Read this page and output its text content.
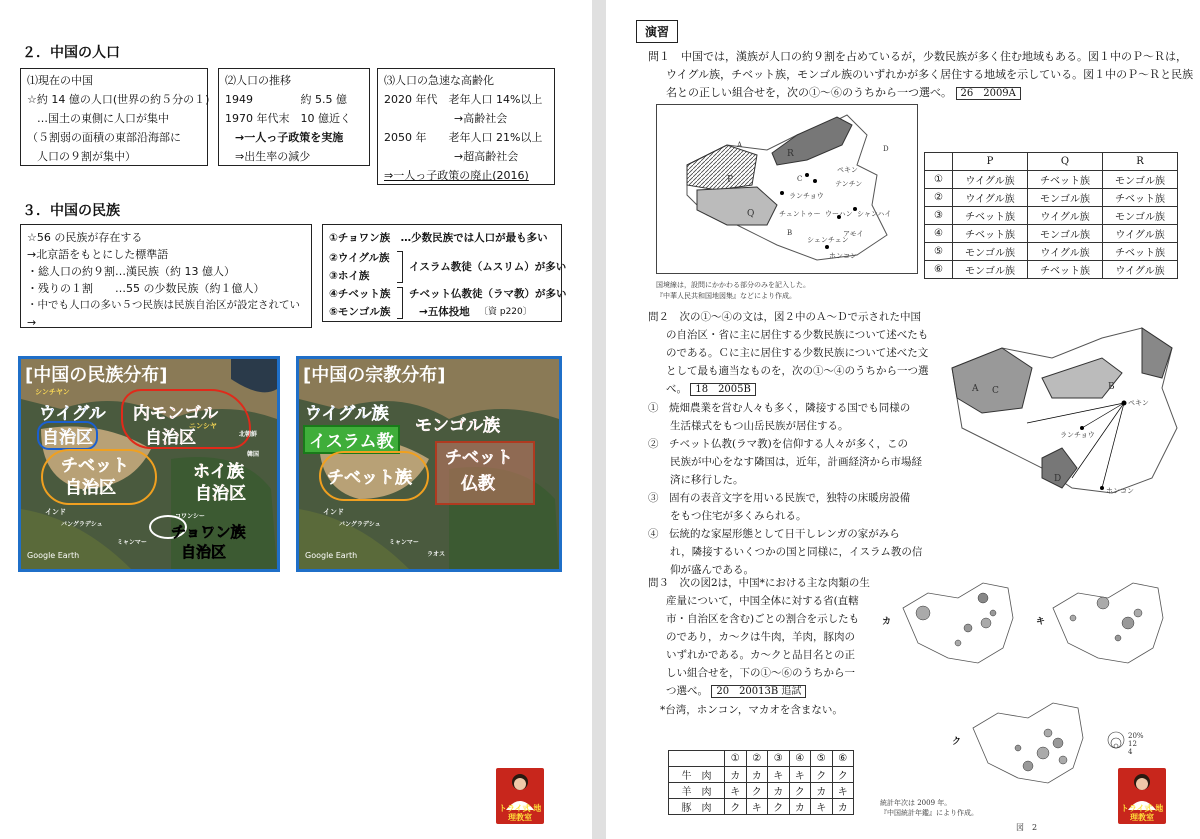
２．中国の人口
⑴現在の中国
☆約 14 億の人口(世界の約５分の１)
…国土の東側に人口が集中
（５割弱の面積の東部沿海部に
人口の９割が集中）
⑵人口の推移
1949　　　　 約 5.5 億
1970 年代末　10 億近く
→一人っ子政策を実施
⇒出生率の減少
⑶人口の急速な高齢化
2020 年代　老年人口 14%以上
→高齢社会
2050 年　　老年人口 21%以上
→超高齢社会
⇒一人っ子政策の廃止(2016)
３．中国の民族
☆56 の民族が存在する
→北京語をもとにした標準語
・総人口の約９割…漢民族（約 13 億人）
・残りの１割　　…55 の少数民族（約１億人）
・中でも人口の多い５つ民族は民族自治区が設定されてい
→
①チョワン族　…少数民族では人口が最も多い
②ウイグル族
③ホイ族
イスラム教徒（ムスリム）が多い
④チベット族
⑤モンゴル族
チベット仏教徒（ラマ教）が多い
→五体投地 〔資 p220〕
[中国の民族分布]
シンチヤン
ウイグル
自治区
内モンゴル
自治区
チベット
自治区
ニンシヤ
ホイ族
自治区
北朝鮮
韓国
インド
バングラデシュ
ミャンマー
コワンシー
チョワン族
自治区
Google Earth
[中国の宗教分布]
ウイグル族
イスラム教
モンゴル族
チベット族
チベット
仏教
インド
バングラデシュ
ミャンマー
ラオス
Google Earth
トライ式 地理教室
演習
問１　中国では，漢族が人口の約９割を占めているが，少数民族が多く住む地域もある。図１中のＰ～Ｒは，
ウイグル族，チベット族，モンゴル族のいずれかが多く居住する地域を示している。図１中のＰ～Ｒと民族
名との正しい組合せを，次の①～⑥のうちから一つ選べ。 26　2009A
A
B
C
D
P
Q
R
ペキン
テンチン
ランチョウ
チュントゥー ウーハン シャンハイ
シェンチェン
アモイ
ホンコン
国境線は，設問にかかわる部分のみを記入した。
『中華人民共和国地図集』などにより作成。
	P	Q	R
①	ウイグル族	チベット族	モンゴル族
②	ウイグル族	モンゴル族	チベット族
③	チベット族	ウイグル族	モンゴル族
④	チベット族	モンゴル族	ウイグル族
⑤	モンゴル族	ウイグル族	チベット族
⑥	モンゴル族	チベット族	ウイグル族
問２　次の①～④の文は，図２中のＡ～Ｄで示された中国
の自治区・省に主に居住する少数民族について述べたも
のである。Ｃに主に居住する少数民族について述べた文
として最も適当なものを，次の①～④のうちから一つ選
べ。 18　2005B
①　焼畑農業を営む人々も多く，隣接する国でも同様の
生活様式をもつ山岳民族が居住する。
②　チベット仏教(ラマ教)を信仰する人々が多く，この
民族が中心をなす隣国は，近年，計画経済から市場経
済に移行した。
③　固有の表音文字を用いる民族で，独特の床暖房設備
をもつ住宅が多くみられる。
④　伝統的な家屋形態として日干しレンガの家がみら
れ，隣接するいくつかの国と同様に，イスラム教の信
仰が盛んである。
A	B
C
D
ペキン
ランチョウ
ホンコン
問３　次の図2は，中国*における主な肉類の生
産量について，中国全体に対する省(直轄
市・自治区を含む)ごとの割合を示したも
のであり，カ～クは牛肉，羊肉，豚肉の
いずれかである。カ～クと品目名との正
しい組合せを，下の①～⑥のうちから一
つ選べ。 20　20013B 追試
*台湾，ホンコン，マカオを含まない。
	①	②	③	④	⑤	⑥
牛　肉	カ	カ	キ	キ	ク	ク
羊　肉	キ	ク	カ	ク	カ	キ
豚　肉	ク	キ	ク	カ	キ	カ
カ	キ
ク
20%
12
4
統計年次は 2009 年。
『中国統計年鑑』により作成。
図　2
トライ式 地理教室
